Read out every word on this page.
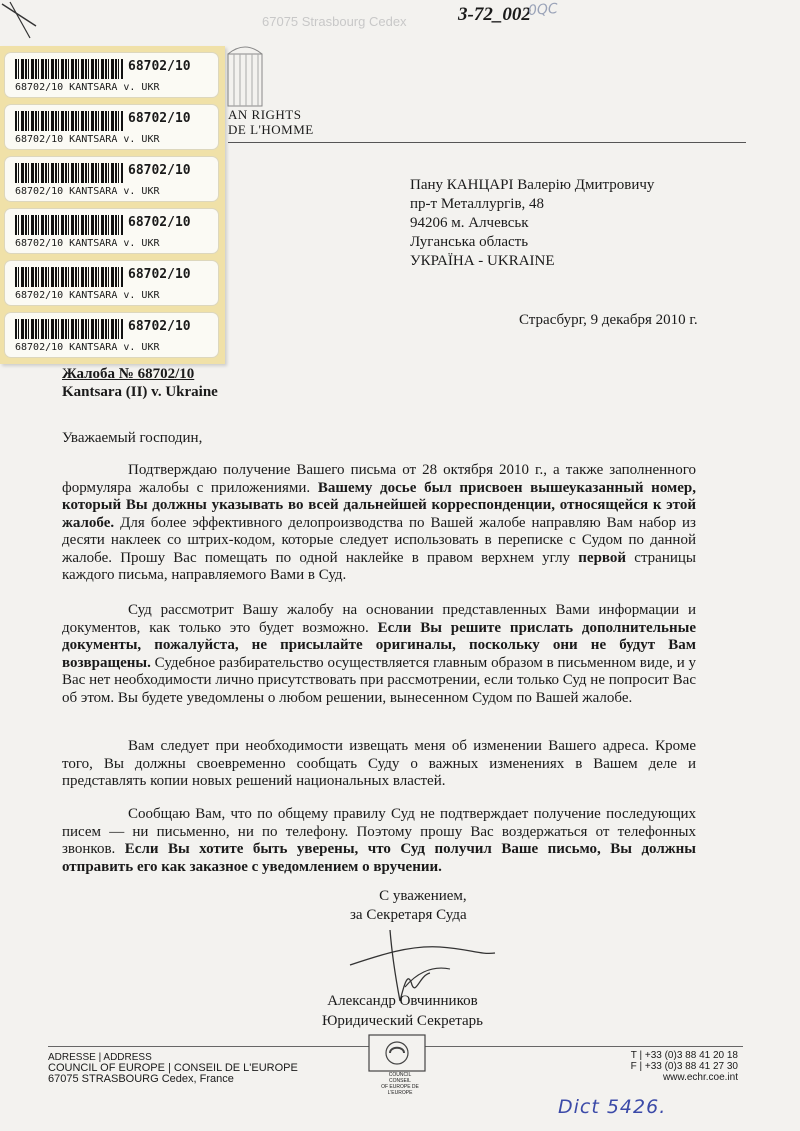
67075 Strasbourg Cedex	3-72_002
0QC
AN RIGHTS
DE L'HOMME
68702/10
68702/10 KANTSARA v. UKR
68702/10
68702/10 KANTSARA v. UKR
68702/10
68702/10 KANTSARA v. UKR
68702/10
68702/10 KANTSARA v. UKR
68702/10
68702/10 KANTSARA v. UKR
68702/10
68702/10 KANTSARA v. UKR
Пану КАНЦАРІ Валерію Дмитровичу
пр-т Металлургів, 48
94206 м. Алчевськ
Луганська область
УКРАЇНА - UKRAINE
Страсбург, 9 декабря 2010 г.
Жалоба № 68702/10
Kantsara (II) v. Ukraine
Уважаемый господин,

Подтверждаю получение Вашего письма от 28 октября 2010 г., а также заполненного формуляра жалобы с приложениями. Вашему досье был присвоен вышеуказанный номер, который Вы должны указывать во всей дальнейшей корреспонденции, относящейся к этой жалобе. Для более эффективного делопроизводства по Вашей жалобе направляю Вам набор из десяти наклеек со штрих-кодом, которые следует использовать в переписке с Судом по данной жалобе. Прошу Вас помещать по одной наклейке в правом верхнем углу первой страницы каждого письма, направляемого Вами в Суд.

Суд рассмотрит Вашу жалобу на основании представленных Вами информации и документов, как только это будет возможно. Если Вы решите прислать дополнительные документы, пожалуйста, не присылайте оригиналы, поскольку они не будут Вам возвращены. Судебное разбирательство осуществляется главным образом в письменном виде, и у Вас нет необходимости лично присутствовать при рассмотрении, если только Суд не попросит Вас об этом. Вы будете уведомлены о любом решении, вынесенном Судом по Вашей жалобе.

Вам следует при необходимости извещать меня об изменении Вашего адреса. Кроме того, Вы должны своевременно сообщать Суду о важных изменениях в Вашем деле и представлять копии новых решений национальных властей.

Сообщаю Вам, что по общему правилу Суд не подтверждает получение последующих писем — ни письменно, ни по телефону. Поэтому прошу Вас воздержаться от телефонных звонков. Если Вы хотите быть уверены, что Суд получил Ваше письмо, Вы должны отправить его как заказное с уведомлением о вручении.

С уважением,
за Секретаря Суда
Александр Овчинников
Юридический Секретарь
ADRESSE | ADDRESS
COUNCIL OF EUROPE | CONSEIL DE L'EUROPE
67075 STRASBOURG Cedex, France	COUNCIL CONSEIL
OF EUROPE DE L'EUROPE
T | +33 (0)3 88 41 20 18
F | +33 (0)3 88 41 27 30
www.echr.coe.int
Dict 5426.
